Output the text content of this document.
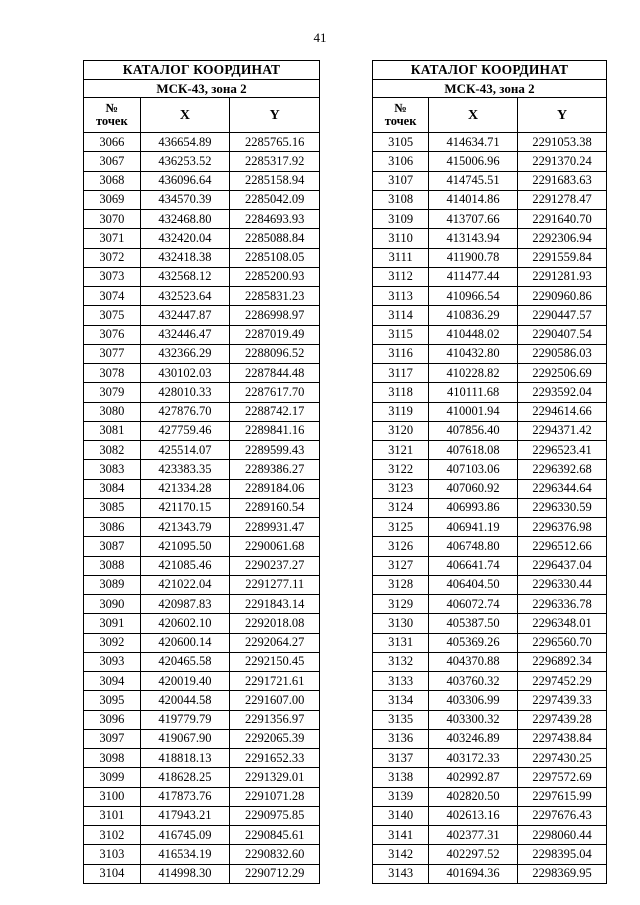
41
КАТАЛОГ КООРДИНАТ		
МСК-43, зона 2		
№
точек	X	Y
3066	436654.89	2285765.16
3067	436253.52	2285317.92
3068	436096.64	2285158.94
3069	434570.39	2285042.09
3070	432468.80	2284693.93
3071	432420.04	2285088.84
3072	432418.38	2285108.05
3073	432568.12	2285200.93
3074	432523.64	2285831.23
3075	432447.87	2286998.97
3076	432446.47	2287019.49
3077	432366.29	2288096.52
3078	430102.03	2287844.48
3079	428010.33	2287617.70
3080	427876.70	2288742.17
3081	427759.46	2289841.16
3082	425514.07	2289599.43
3083	423383.35	2289386.27
3084	421334.28	2289184.06
3085	421170.15	2289160.54
3086	421343.79	2289931.47
3087	421095.50	2290061.68
3088	421085.46	2290237.27
3089	421022.04	2291277.11
3090	420987.83	2291843.14
3091	420602.10	2292018.08
3092	420600.14	2292064.27
3093	420465.58	2292150.45
3094	420019.40	2291721.61
3095	420044.58	2291607.00
3096	419779.79	2291356.97
3097	419067.90	2292065.39
3098	418818.13	2291652.33
3099	418628.25	2291329.01
3100	417873.76	2291071.28
3101	417943.21	2290975.85
3102	416745.09	2290845.61
3103	416534.19	2290832.60
3104	414998.30	2290712.29
КАТАЛОГ КООРДИНАТ		
МСК-43, зона 2		
№
точек	X	Y
3105	414634.71	2291053.38
3106	415006.96	2291370.24
3107	414745.51	2291683.63
3108	414014.86	2291278.47
3109	413707.66	2291640.70
3110	413143.94	2292306.94
3111	411900.78	2291559.84
3112	411477.44	2291281.93
3113	410966.54	2290960.86
3114	410836.29	2290447.57
3115	410448.02	2290407.54
3116	410432.80	2290586.03
3117	410228.82	2292506.69
3118	410111.68	2293592.04
3119	410001.94	2294614.66
3120	407856.40	2294371.42
3121	407618.08	2296523.41
3122	407103.06	2296392.68
3123	407060.92	2296344.64
3124	406993.86	2296330.59
3125	406941.19	2296376.98
3126	406748.80	2296512.66
3127	406641.74	2296437.04
3128	406404.50	2296330.44
3129	406072.74	2296336.78
3130	405387.50	2296348.01
3131	405369.26	2296560.70
3132	404370.88	2296892.34
3133	403760.32	2297452.29
3134	403306.99	2297439.33
3135	403300.32	2297439.28
3136	403246.89	2297438.84
3137	403172.33	2297430.25
3138	402992.87	2297572.69
3139	402820.50	2297615.99
3140	402613.16	2297676.43
3141	402377.31	2298060.44
3142	402297.52	2298395.04
3143	401694.36	2298369.95
